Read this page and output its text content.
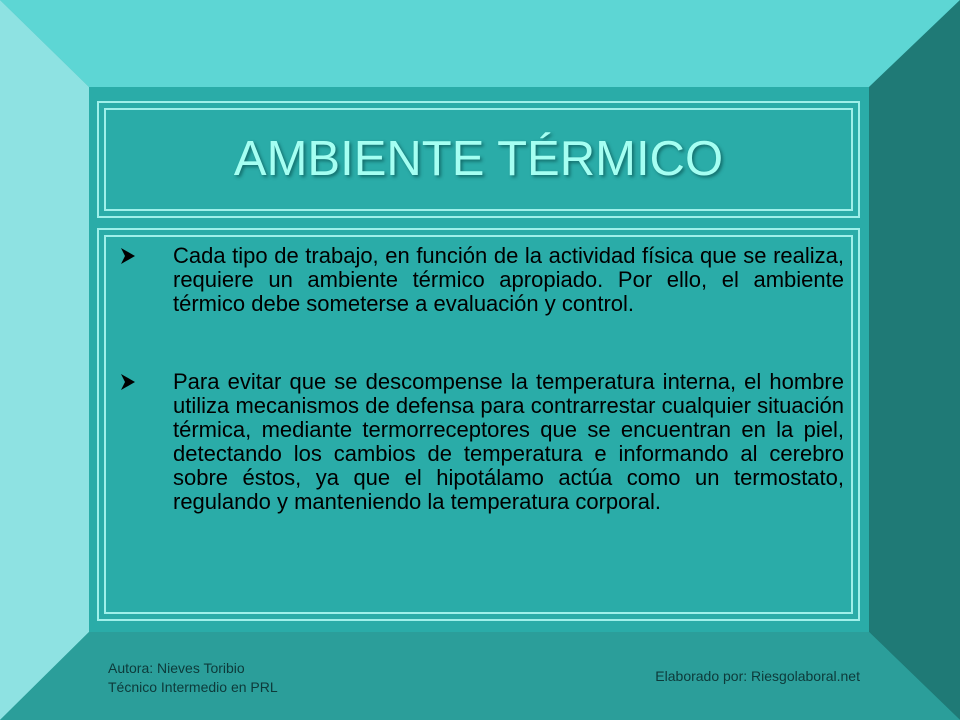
AMBIENTE TÉRMICO
Cada tipo de trabajo, en función de la actividad física que se realiza, requiere un ambiente térmico apropiado. Por ello, el ambiente térmico debe someterse a evaluación y control.
Para evitar que se descompense la temperatura interna, el hombre utiliza mecanismos de defensa para contrarrestar cualquier situación térmica, mediante termorreceptores que se encuentran en la piel, detectando los cambios de temperatura e informando al cerebro sobre éstos, ya que el hipotálamo actúa como un termostato, regulando y manteniendo la temperatura corporal.
Autora: Nieves Toribio
Técnico Intermedio en PRL
Elaborado por: Riesgolaboral.net
